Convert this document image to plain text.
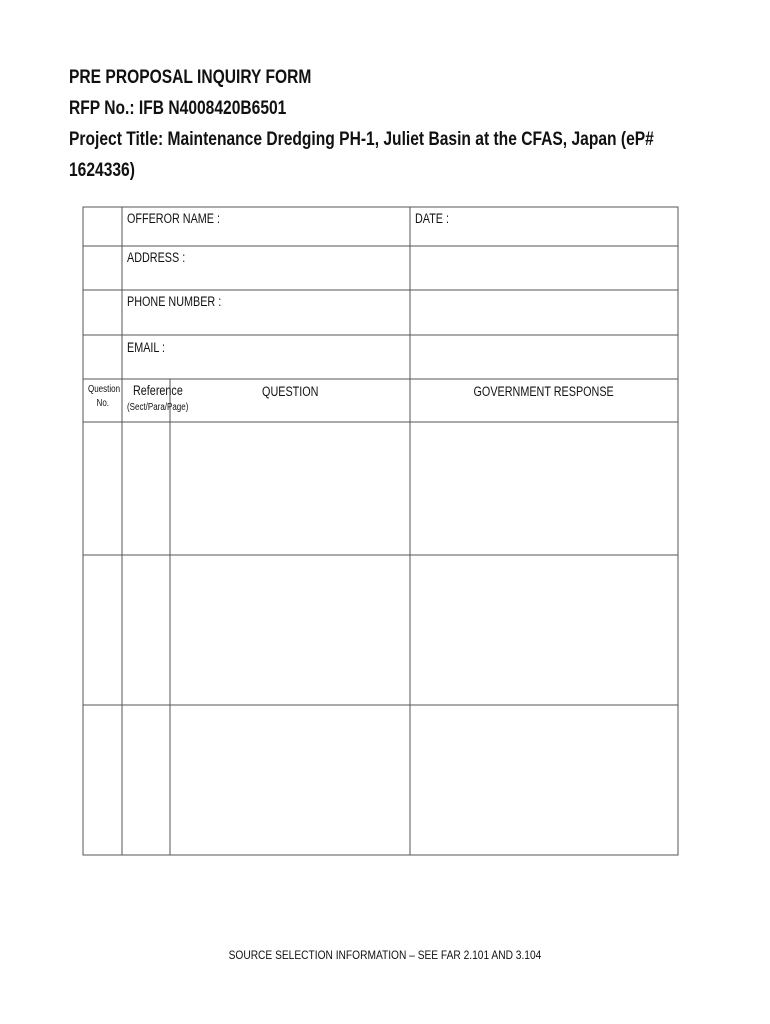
PRE PROPOSAL INQUIRY FORM
RFP No.: IFB N4008420B6501
Project Title: Maintenance Dredging PH-1, Juliet Basin at the CFAS, Japan (eP#
1624336)
OFFEROR NAME :	DATE :
ADDRESS :
PHONE NUMBER :
EMAIL :
Question
No.
Reference
(Sect/Para/Page)
QUESTION	GOVERNMENT RESPONSE
SOURCE SELECTION INFORMATION – SEE FAR 2.101 AND 3.104
